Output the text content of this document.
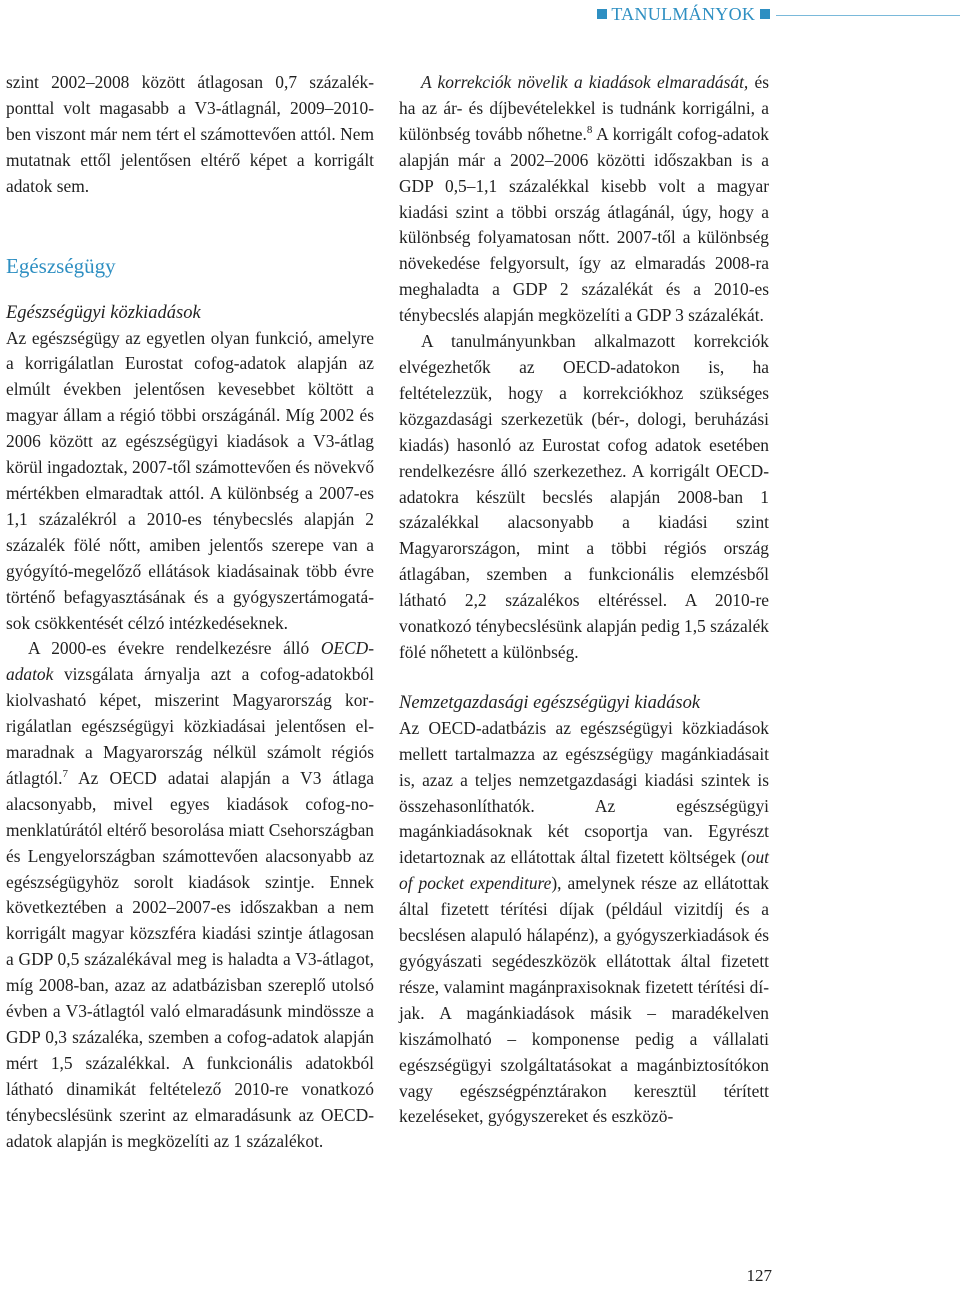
TANULMÁNYOK

szint 2002–2008 között átlagosan 0,7 százalékponttal volt magasabb a V3-átlagnál, 2009–2010-ben viszont már nem tért el számottevően attól. Nem mutatnak ettől jelentősen eltérő képet a korrigált adatok sem.

Egészségügy
Egészségügyi közkiadások

Az egészségügy az egyetlen olyan funkció, amelyre a korrigálatlan Eurostat cofog-adatok alapján az elmúlt években jelentősen kevesebbet költött a magyar állam a régió többi országánál. Míg 2002 és 2006 között az egészségügyi kiadások a V3-átlag körül ingadoztak, 2007-től számottevően és növekvő mértékben elmaradtak attól. A különbség a 2007-es 1,1 százalékról a 2010-es ténybecslés alapján 2 százalék fölé nőtt, amiben jelentős szerepe van a gyógyító-megelőző ellátások kiadásainak több évre történő befagyasztásának és a gyógyszertámogatások csökkentését célzó intézkedéseknek.

A 2000-es évekre rendelkezésre álló OECD-adatok vizsgálata árnyalja azt a cofog-adatokból kiolvasható képet, miszerint Magyarország korrigálatlan egészségügyi közkiadásai jelentősen elmaradnak a Magyarország nélkül számolt régiós átlagtól.$^7$ Az OECD adatai alapján a V3 átlaga alacsonyabb, mivel egyes kiadások cofog-nomenklatúrától eltérő besorolása miatt Csehországban és Lengyelországban számottevően alacsonyabb az egészségügyhöz sorolt kiadások szintje. Ennek következtében a 2002–2007-es időszakban a nem korrigált magyar közszféra kiadási szintje átlagosan a GDP 0,5 százalékával meg is haladta a V3-átlagot, míg 2008-ban, azaz az adatbázisban szereplő utolsó évben a V3-átlagtól való elmaradásunk mindössze a GDP 0,3 százaléka, szemben a cofog-adatok alapján mért 1,5 százalékkal. A funkcionális adatokból látható dinamikát feltételező 2010-re vonatkozó ténybecslésünk szerint az elmaradásunk az OECD-adatok alapján is megközelíti az 1 százalékot.

A korrekciók növelik a kiadások elmaradását, és ha az ár- és díjbevételekkel is tudnánk korrigálni, a különbség tovább nőhetne.$^8$ A korrigált cofog-adatok alapján már a 2002–2006 közötti időszakban is a GDP 0,5–1,1 százalékkal kisebb volt a magyar kiadási szint a többi ország átlagánál, úgy, hogy a különbség folyamatosan nőtt. 2007-től a különbség növekedése felgyorsult, így az elmaradás 2008-ra meghaladta a GDP 2 százalékát és a 2010-es ténybecslés alapján megközelíti a GDP 3 százalékát.

A tanulmányunkban alkalmazott korrekciók elvégezhetők az OECD-adatokon is, ha feltételezzük, hogy a korrekciókhoz szükséges közgazdasági szerkezetük (bér-, dologi, beruházási kiadás) hasonló az Eurostat cofog adatok esetében rendelkezésre álló szerkezethez. A korrigált OECD-adatokra készült becslés alapján 2008-ban 1 százalékkal alacsonyabb a kiadási szint Magyarországon, mint a többi régiós ország átlagában, szemben a funkcionális elemzésből látható 2,2 százalékos eltéréssel. A 2010-re vonatkozó ténybecslésünk alapján pedig 1,5 százalék fölé nőhetett a különbség.

Nemzetgazdasági egészségügyi kiadások

Az OECD-adatbázis az egészségügyi közkiadások mellett tartalmazza az egészségügy magánkiadásait is, azaz a teljes nemzetgazdasági kiadási szintek is összehasonlíthatók. Az egészségügyi magánkiadásoknak két csoportja van. Egyrészt idetartoznak az ellátottak által fizetett költségek (out of pocket expenditure), amelynek része az ellátottak által fizetett térítési díjak (például vizitdíj és a becslésen alapuló hálapénz), a gyógyszerkiadások és gyógyászati segédeszközök ellátottak által fizetett része, valamint magánpraxisoknak fizetett térítési díjak. A magánkiadások másik – maradékelven kiszámolható – komponense pedig a vállalati egészségügyi szolgáltatásokat a magánbiztosítókon vagy egészségpénztárakon keresztül térített kezeléseket, gyógyszereket és eszközö-

127
